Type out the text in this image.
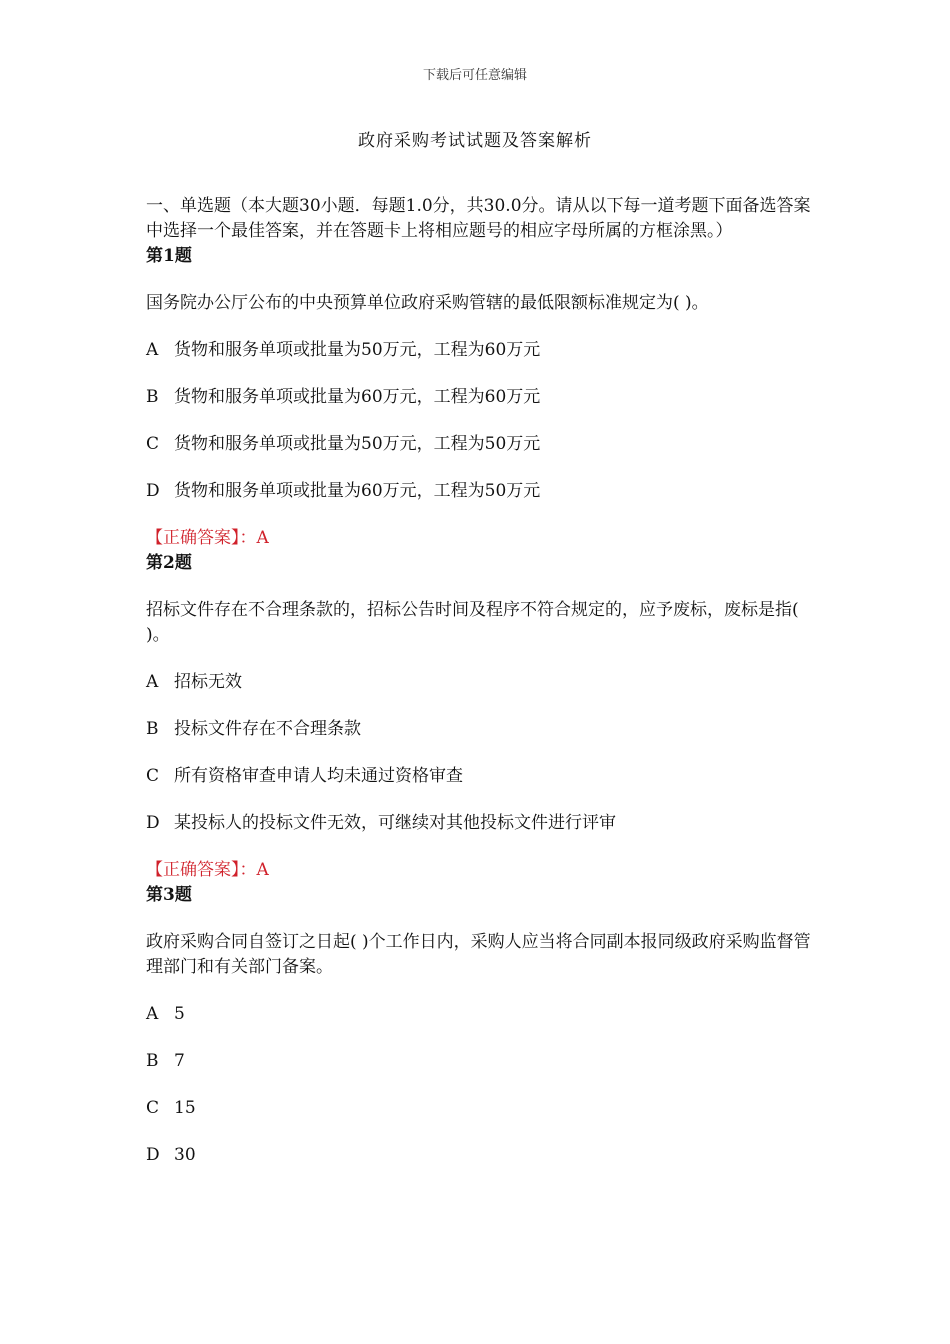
下载后可任意编辑
政府采购考试试题及答案解析

一、单选题（本大题30小题．每题1.0分，共30.0分。请从以下每一道考题下面备选答案中选择一个最佳答案，并在答题卡上将相应题号的相应字母所属的方框涂黑。）

第1题

国务院办公厅公布的中央预算单位政府采购管辖的最低限额标准规定为( )。

A 货物和服务单项或批量为50万元，工程为60万元
B 货物和服务单项或批量为60万元，工程为60万元
C 货物和服务单项或批量为50万元，工程为50万元
D 货物和服务单项或批量为60万元，工程为50万元

【正确答案】：A

第2题

招标文件存在不合理条款的，招标公告时间及程序不符合规定的，应予废标，废标是指( )。

A 招标无效
B 投标文件存在不合理条款
C 所有资格审查申请人均未通过资格审查
D 某投标人的投标文件无效，可继续对其他投标文件进行评审

【正确答案】：A

第3题

政府采购合同自签订之日起( )个工作日内，采购人应当将合同副本报同级政府采购监督管理部门和有关部门备案。

A 5
B 7
C 15
D 30
